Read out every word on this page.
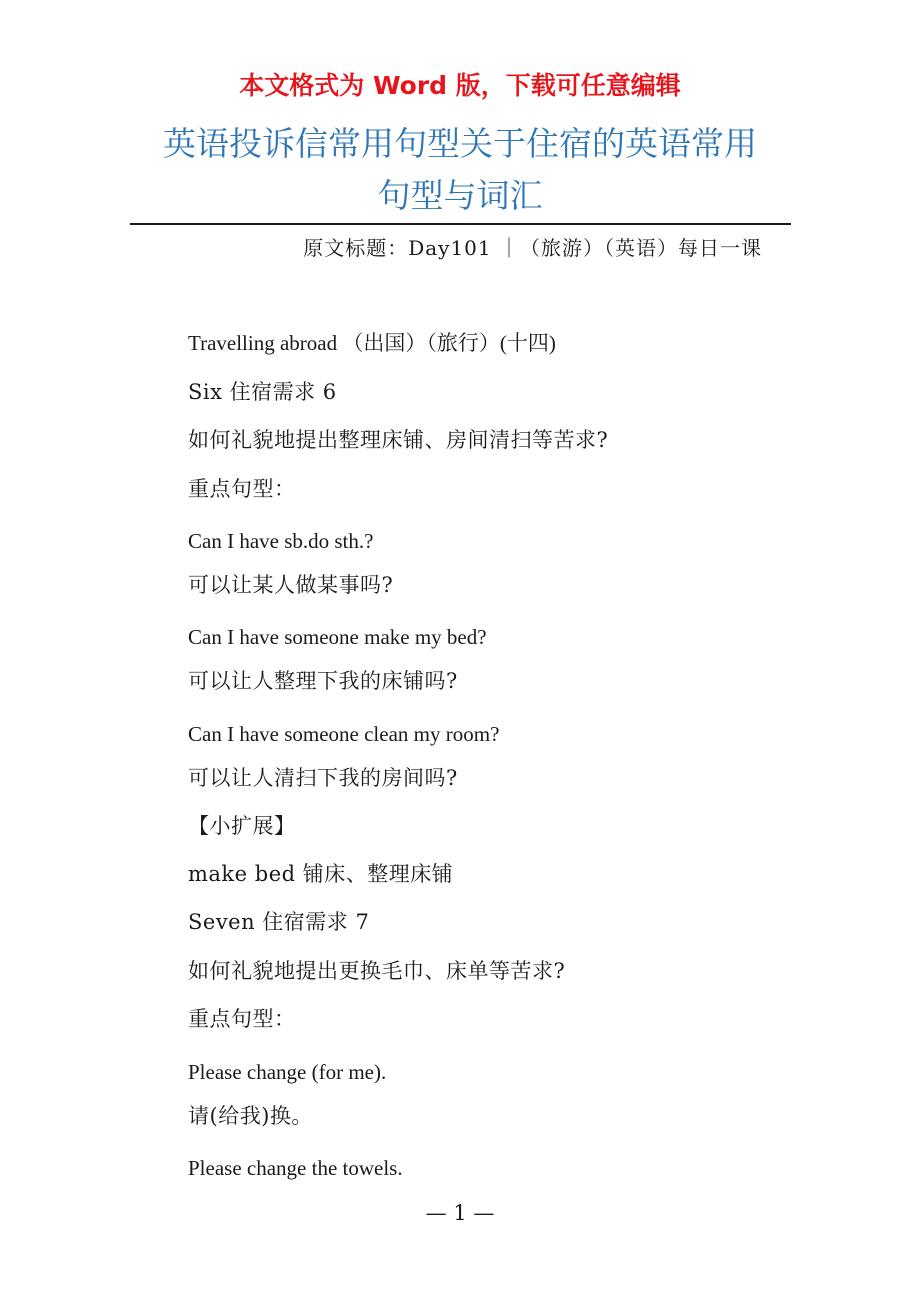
本文格式为 Word 版，下载可任意编辑
英语投诉信常用句型关于住宿的英语常用
句型与词汇
原文标题：Day101 ｜（旅游）（英语）每日一课
Travelling abroad （出国）（旅行）(十四)
Six 住宿需求 6
如何礼貌地提出整理床铺、房间清扫等苦求?
重点句型：
Can I have sb.do sth.?
可以让某人做某事吗?
Can I have someone make my bed?
可以让人整理下我的床铺吗?
Can I have someone clean my room?
可以让人清扫下我的房间吗?
【小扩展】
make bed 铺床、整理床铺
Seven 住宿需求 7
如何礼貌地提出更换毛巾、床单等苦求?
重点句型：
Please change (for me).
请(给我)换。
Please change the towels.
— 1 —
